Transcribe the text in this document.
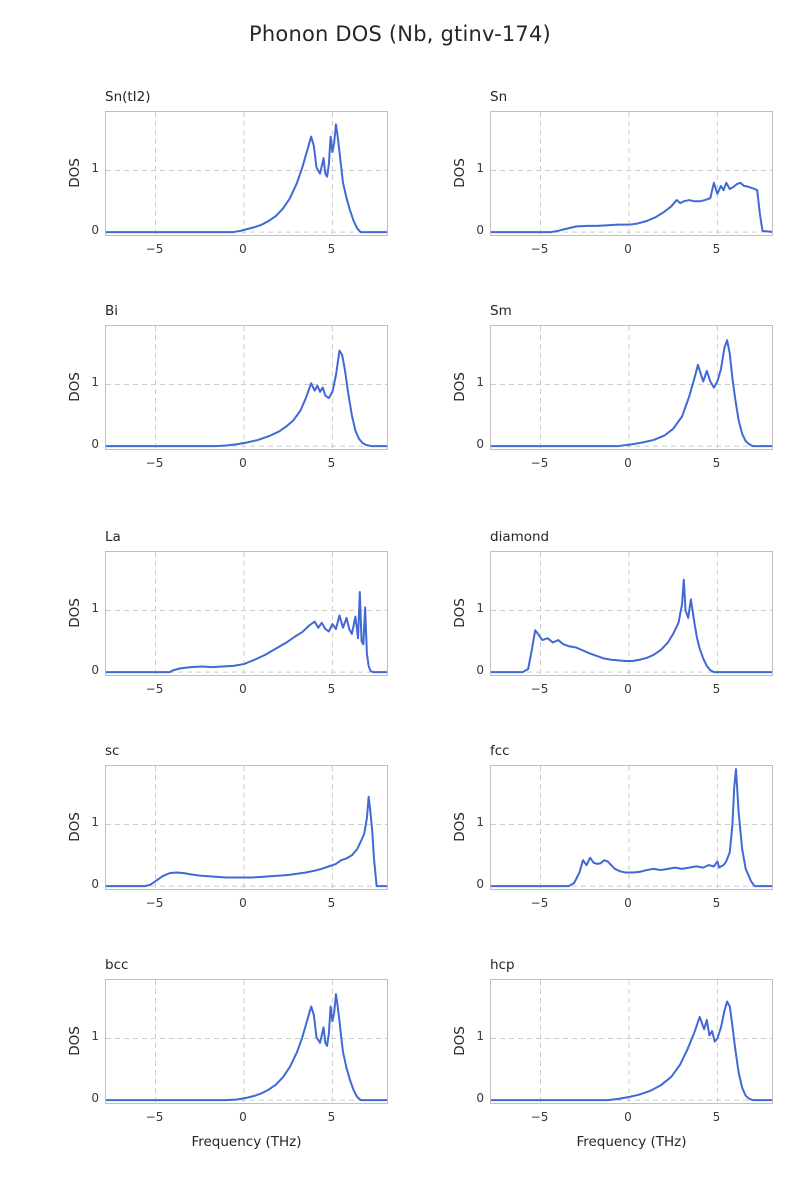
Phonon DOS (Nb, gtinv-174)
Sn(tI2)
0
1
−5	0	5
DOS
Sn
0
1
−5	0	5
DOS
Bi
0
1
−5	0	5
DOS
Sm
0
1
−5	0	5
DOS
La
0
1
−5	0	5
DOS
diamond
0
1
−5	0	5
DOS
sc
0
1
−5	0	5
DOS
fcc
0
1
−5	0	5
DOS
bcc
0
1
−5	0	5
DOS
Frequency (THz)
hcp
0
1
−5	0	5
DOS
Frequency (THz)
